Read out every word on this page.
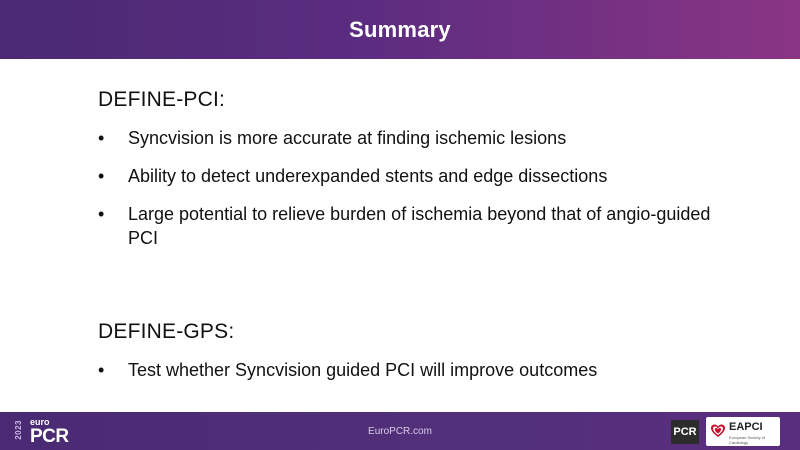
Summary
DEFINE-PCI:
• Syncvision is more accurate at finding ischemic lesions
• Ability to detect underexpanded stents and edge dissections
• Large potential to relieve burden of ischemia beyond that of angio-guided PCI
DEFINE-GPS:
• Test whether Syncvision guided PCI will improve outcomes
2023 euro
PCR	EuroPCR.com	PCR	EAPCI
European Society of Cardiology
